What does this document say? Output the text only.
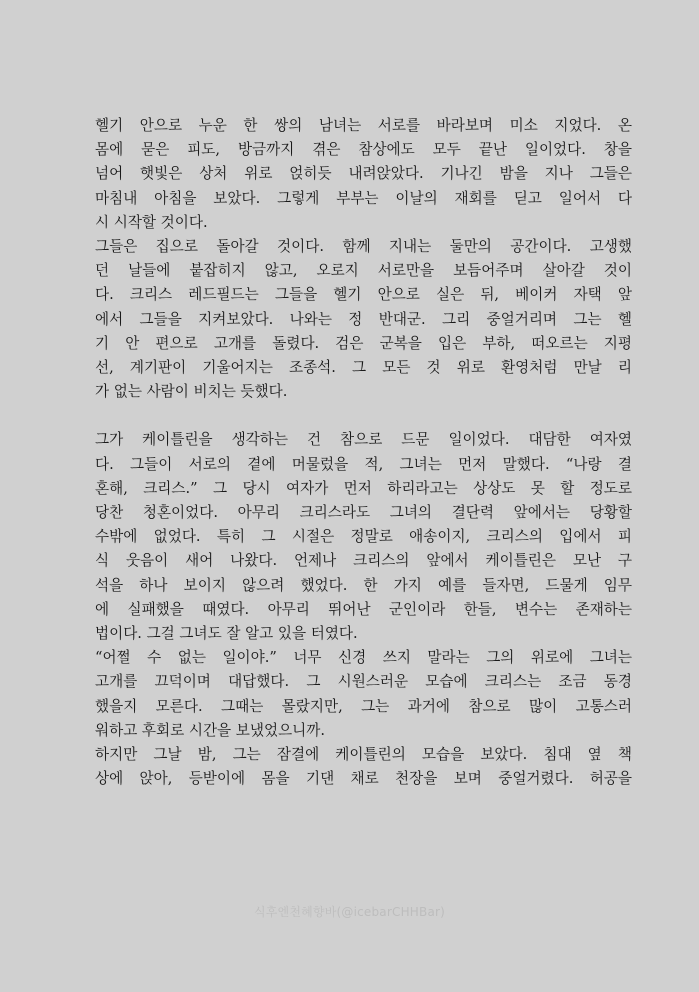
헬기 안으로 누운 한 쌍의 남녀는 서로를 바라보며 미소 지었다. 온
몸에 묻은 피도, 방금까지 겪은 참상에도 모두 끝난 일이었다. 창을
넘어 햇빛은 상처 위로 얹히듯 내려앉았다. 기나긴 밤을 지나 그들은
마침내 아침을 보았다. 그렇게 부부는 이날의 재회를 딛고 일어서 다
시 시작할 것이다.
그들은 집으로 돌아갈 것이다. 함께 지내는 둘만의 공간이다. 고생했
던 날들에 붙잡히지 않고, 오로지 서로만을 보듬어주며 살아갈 것이
다. 크리스 레드필드는 그들을 헬기 안으로 실은 뒤, 베이커 자택 앞
에서 그들을 지켜보았다. 나와는 정 반대군. 그리 중얼거리며 그는 헬
기 안 편으로 고개를 돌렸다. 검은 군복을 입은 부하, 떠오르는 지평
선, 계기판이 기울어지는 조종석. 그 모든 것 위로 환영처럼 만날 리
가 없는 사람이 비치는 듯했다.
그가 케이틀린을 생각하는 건 참으로 드문 일이었다. 대담한 여자였
다. 그들이 서로의 곁에 머물렀을 적, 그녀는 먼저 말했다. “나랑 결
혼해, 크리스.” 그 당시 여자가 먼저 하리라고는 상상도 못 할 정도로
당찬 청혼이었다. 아무리 크리스라도 그녀의 결단력 앞에서는 당황할
수밖에 없었다. 특히 그 시절은 정말로 애송이지, 크리스의 입에서 피
식 웃음이 새어 나왔다. 언제나 크리스의 앞에서 케이틀린은 모난 구
석을 하나 보이지 않으려 했었다. 한 가지 예를 들자면, 드물게 임무
에 실패했을 때였다. 아무리 뛰어난 군인이라 한들, 변수는 존재하는
법이다. 그걸 그녀도 잘 알고 있을 터였다.
“어쩔 수 없는 일이야.” 너무 신경 쓰지 말라는 그의 위로에 그녀는
고개를 끄덕이며 대답했다. 그 시원스러운 모습에 크리스는 조금 동경
했을지 모른다. 그때는 몰랐지만, 그는 과거에 참으로 많이 고통스러
워하고 후회로 시간을 보냈었으니까.
하지만 그날 밤, 그는 잠결에 케이틀린의 모습을 보았다. 침대 옆 책
상에 앉아, 등받이에 몸을 기댄 채로 천장을 보며 중얼거렸다. 허공을
식후엔천혜향바(@icebarCHHBar)
